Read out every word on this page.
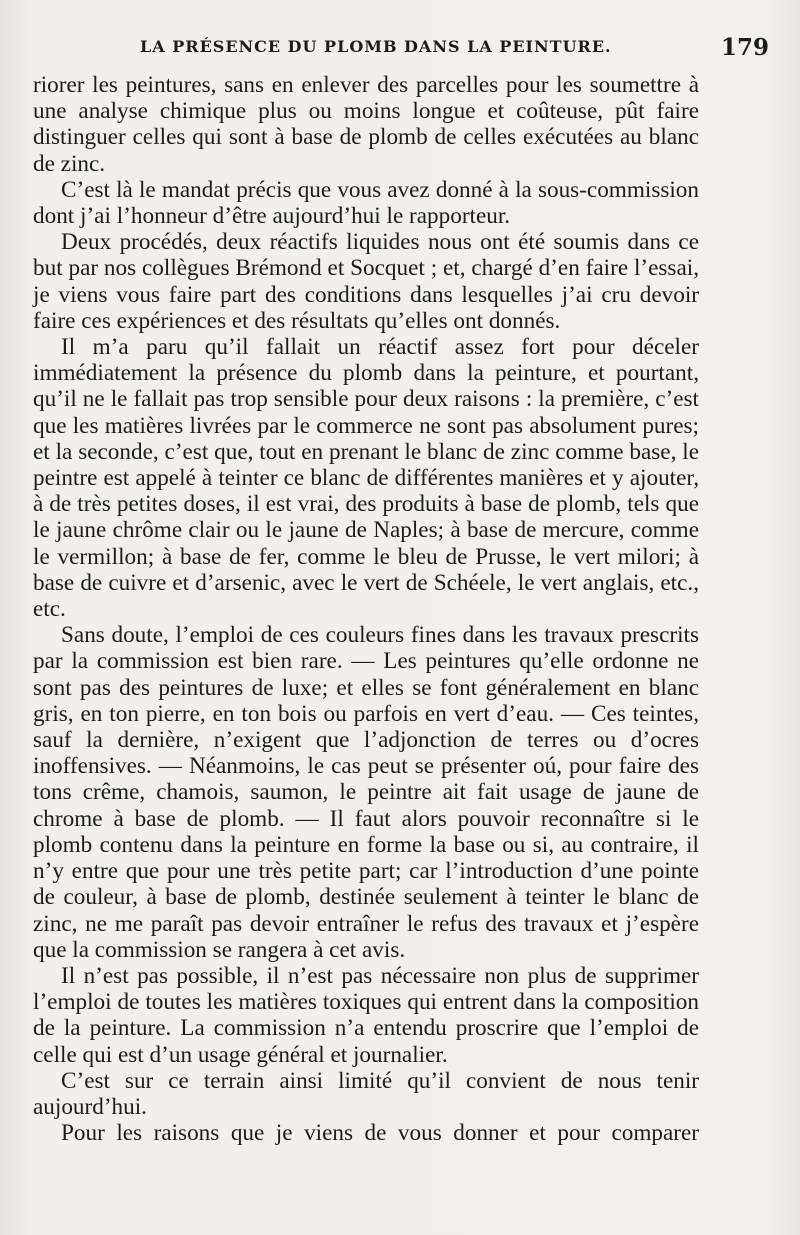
LA PRÉSENCE DU PLOMB DANS LA PEINTURE.	179

riorer les peintures, sans en enlever des parcelles pour les soumettre à une analyse chimique plus ou moins longue et coûteuse, pût faire distinguer celles qui sont à base de plomb de celles exécutées au blanc de zinc.

C’est là le mandat précis que vous avez donné à la sous-commission dont j’ai l’honneur d’être aujourd’hui le rapporteur.

Deux procédés, deux réactifs liquides nous ont été soumis dans ce but par nos collègues Brémond et Socquet ; et, chargé d’en faire l’essai, je viens vous faire part des conditions dans lesquelles j’ai cru devoir faire ces expériences et des résultats qu’elles ont donnés.

Il m’a paru qu’il fallait un réactif assez fort pour déceler immédiatement la présence du plomb dans la peinture, et pourtant, qu’il ne le fallait pas trop sensible pour deux raisons : la première, c’est que les matières livrées par le commerce ne sont pas absolument pures; et la seconde, c’est que, tout en prenant le blanc de zinc comme base, le peintre est appelé à teinter ce blanc de différentes manières et y ajouter, à de très petites doses, il est vrai, des produits à base de plomb, tels que le jaune chrôme clair ou le jaune de Naples; à base de mercure, comme le vermillon; à base de fer, comme le bleu de Prusse, le vert milori; à base de cuivre et d’arsenic, avec le vert de Schéele, le vert anglais, etc., etc.

Sans doute, l’emploi de ces couleurs fines dans les travaux prescrits par la commission est bien rare. — Les peintures qu’elle ordonne ne sont pas des peintures de luxe; et elles se font généralement en blanc gris, en ton pierre, en ton bois ou parfois en vert d’eau. — Ces teintes, sauf la dernière, n’exigent que l’adjonction de terres ou d’ocres inoffensives. — Néanmoins, le cas peut se présenter oú, pour faire des tons crême, chamois, saumon, le peintre ait fait usage de jaune de chrome à base de plomb. — Il faut alors pouvoir reconnaître si le plomb contenu dans la peinture en forme la base ou si, au contraire, il n’y entre que pour une très petite part; car l’introduction d’une pointe de couleur, à base de plomb, destinée seulement à teinter le blanc de zinc, ne me paraît pas devoir entraîner le refus des travaux et j’espère que la commission se rangera à cet avis.

Il n’est pas possible, il n’est pas nécessaire non plus de supprimer l’emploi de toutes les matières toxiques qui entrent dans la composition de la peinture. La commission n’a entendu proscrire que l’emploi de celle qui est d’un usage général et journalier.

C’est sur ce terrain ainsi limité qu’il convient de nous tenir aujourd’hui.

Pour les raisons que je viens de vous donner et pour comparer
